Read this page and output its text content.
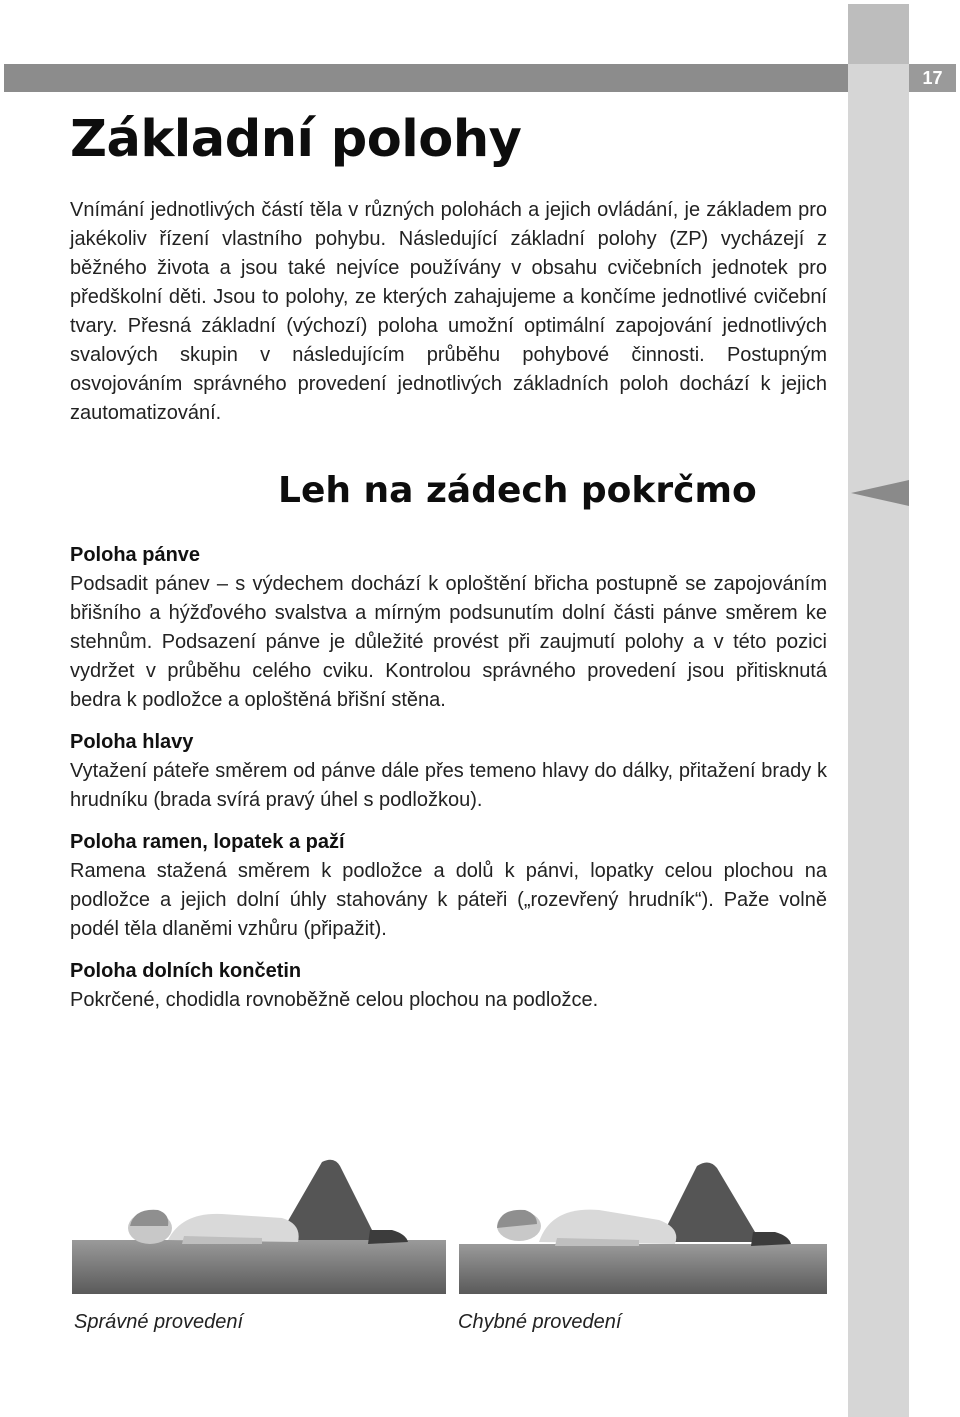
17
Základní polohy

Vnímání jednotlivých částí těla v různých polohách a jejich ovládání, je základem pro jakékoliv řízení vlastního pohybu. Následující základní polohy (ZP) vycházejí z běžného života a jsou také nejvíce používány v obsahu cvičebních jednotek pro předškolní děti. Jsou to polohy, ze kterých zahajujeme a končíme jednotlivé cvičební tvary. Přesná základní (výchozí) poloha umožní optimální zapojování jednotlivých svalových skupin v následujícím průběhu pohybové činnosti. Postupným osvojováním správného provedení jednotlivých základních poloh dochází k jejich zautomatizování.

Leh na zádech pokrčmo
Poloha pánve

Podsadit pánev – s výdechem dochází k oploštění břicha postupně se zapojováním břišního a hýžďového svalstva a mírným podsunutím dolní části pánve směrem ke stehnům. Podsazení pánve je důležité provést při zaujmutí polohy a v této pozici vydržet v průběhu celého cviku. Kontrolou správného provedení jsou přitisknutá bedra k podložce a oploštěná břišní stěna.

Poloha hlavy

Vytažení páteře směrem od pánve dále přes temeno hlavy do dálky, přitažení brady k hrudníku (brada svírá pravý úhel s podložkou).

Poloha ramen, lopatek a paží

Ramena stažená směrem k podložce a dolů k pánvi, lopatky celou plochou na podložce a jejich dolní úhly stahovány k páteři („rozevřený hrudník“). Paže volně podél těla dlaněmi vzhůru (připažit).

Poloha dolních končetin

Pokrčené, chodidla rovnoběžně celou plochou na podložce.

Správné provedení	Chybné provedení
